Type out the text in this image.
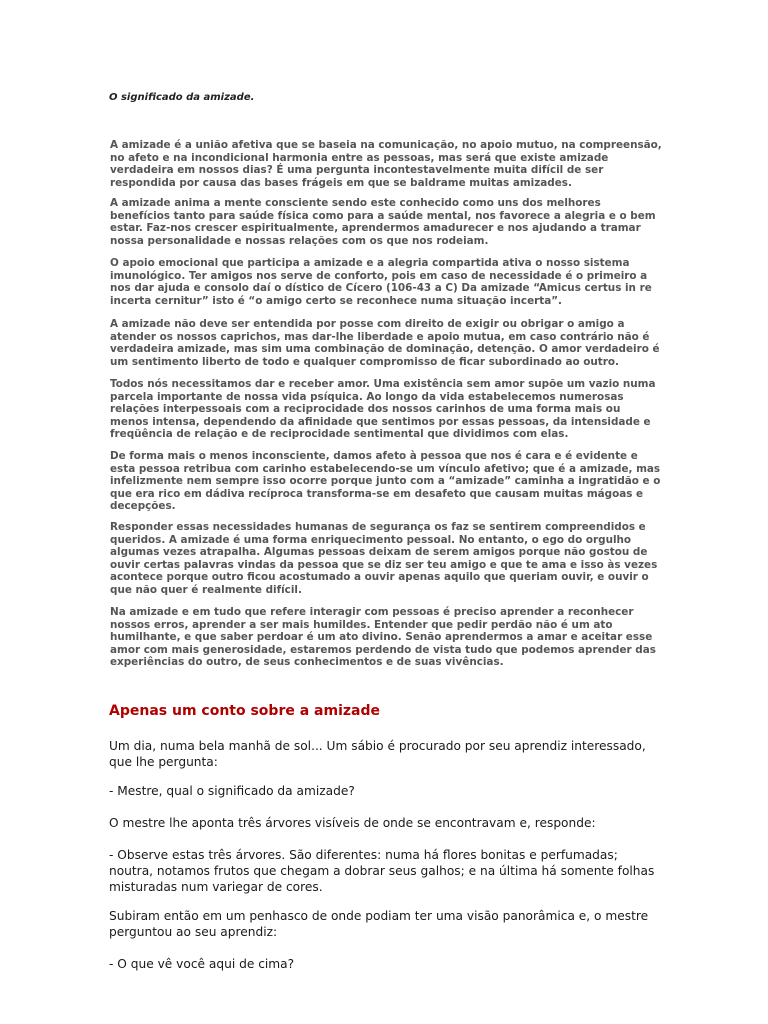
O significado da amizade.

A amizade é a união afetiva que se baseia na comunicação, no apoio mutuo, na compreensão, no afeto e na incondicional harmonia entre as pessoas, mas será que existe amizade verdadeira em nossos dias? É uma pergunta incontestavelmente muita difícil de ser respondida por causa das bases frágeis em que se baldrame muitas amizades.

A amizade anima a mente consciente sendo este conhecido como uns dos melhores benefícios tanto para saúde física como para a saúde mental, nos favorece a alegria e o bem estar. Faz-nos crescer espiritualmente, aprendermos amadurecer e nos ajudando a tramar nossa personalidade e nossas relações com os que nos rodeiam.

O apoio emocional que participa a amizade e a alegria compartida ativa o nosso sistema imunológico. Ter amigos nos serve de conforto, pois em caso de necessidade é o primeiro a nos dar ajuda e consolo daí o dístico de Cícero (106-43 a C) Da amizade “Amicus certus in re incerta cernitur” isto é “o amigo certo se reconhece numa situação incerta”.

A amizade não deve ser entendida por posse com direito de exigir ou obrigar o amigo a atender os nossos caprichos, mas dar-lhe liberdade e apoio mutua, em caso contrário não é verdadeira amizade, mas sim uma combinação de dominação, detenção. O amor verdadeiro é um sentimento liberto de todo e qualquer compromisso de ficar subordinado ao outro.

Todos nós necessitamos dar e receber amor. Uma existência sem amor supõe um vazio numa parcela importante de nossa vida psíquica. Ao longo da vida estabelecemos numerosas relações interpessoais com a reciprocidade dos nossos carinhos de uma forma mais ou menos intensa, dependendo da afinidade que sentimos por essas pessoas, da intensidade e freqüência de relação e de reciprocidade sentimental que dividimos com elas.

De forma mais o menos inconsciente, damos afeto à pessoa que nos é cara e é evidente e esta pessoa retribua com carinho estabelecendo-se um vínculo afetivo; que é a amizade, mas infelizmente nem sempre isso ocorre porque junto com a “amizade” caminha a ingratidão e o que era rico em dádiva recíproca transforma-se em desafeto que causam muitas mágoas e decepções.

Responder essas necessidades humanas de segurança os faz se sentirem compreendidos e queridos. A amizade é uma forma enriquecimento pessoal. No entanto, o ego do orgulho algumas vezes atrapalha. Algumas pessoas deixam de serem amigos porque não gostou de ouvir certas palavras vindas da pessoa que se diz ser teu amigo e que te ama e isso às vezes acontece porque outro ficou acostumado a ouvir apenas aquilo que queriam ouvir, e ouvir o que não quer é realmente difícil.

Na amizade e em tudo que refere interagir com pessoas é preciso aprender a reconhecer nossos erros, aprender a ser mais humildes. Entender que pedir perdão não é um ato humilhante, e que saber perdoar é um ato divino. Senão aprendermos a amar e aceitar esse amor com mais generosidade, estaremos perdendo de vista tudo que podemos aprender das experiências do outro, de seus conhecimentos e de suas vivências.

Apenas um conto sobre a amizade

Um dia, numa bela manhã de sol... Um sábio é procurado por seu aprendiz interessado, que lhe pergunta:

- Mestre, qual o significado da amizade?

O mestre lhe aponta três árvores visíveis de onde se encontravam e, responde:

- Observe estas três árvores. São diferentes: numa há flores bonitas e perfumadas; noutra, notamos frutos que chegam a dobrar seus galhos; e na última há somente folhas misturadas num variegar de cores.

Subiram então em um penhasco de onde podiam ter uma visão panorâmica e, o mestre perguntou ao seu aprendiz:

- O que vê você aqui de cima?
